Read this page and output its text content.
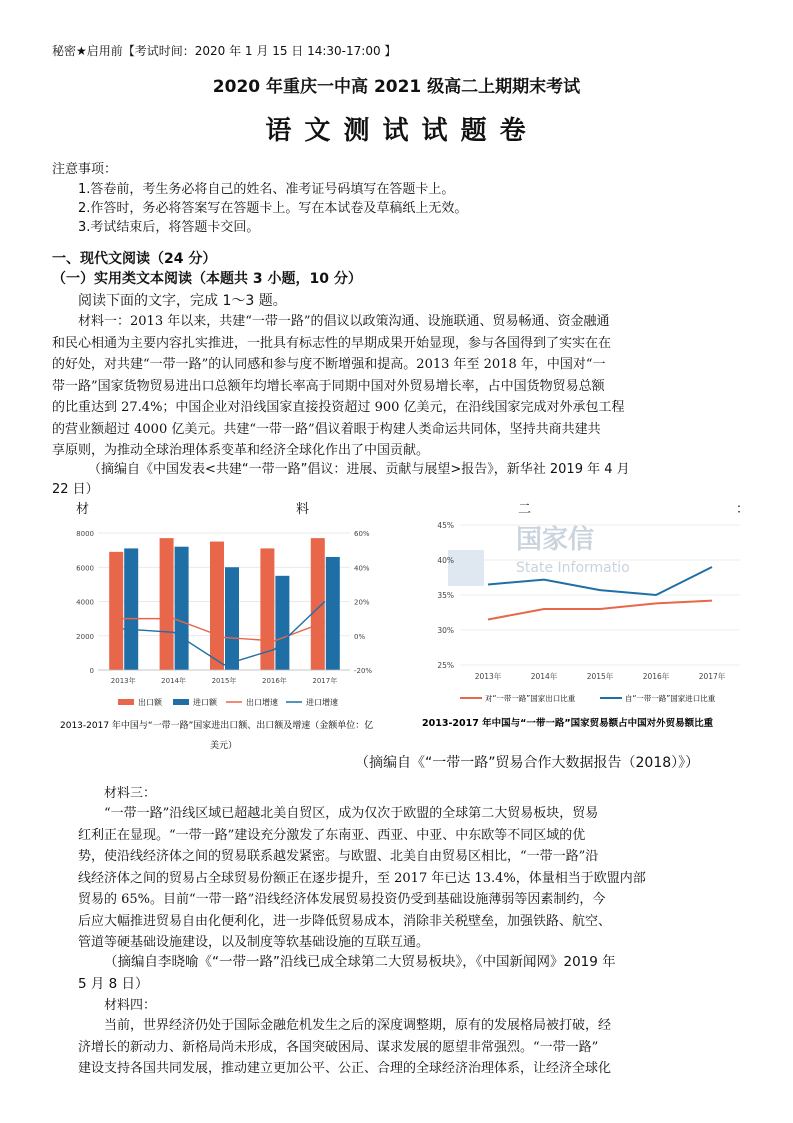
秘密★启用前【考试时间：2020 年 1 月 15 日 14:30-17:00 】
2020 年重庆一中高 2021 级高二上期期末考试
语 文 测 试 试 题 卷
注意事项：
1.答卷前，考生务必将自己的姓名、准考证号码填写在答题卡上。
2.作答时，务必将答案写在答题卡上。写在本试卷及草稿纸上无效。
3.考试结束后，将答题卡交回。
一、现代文阅读（24 分）
（一）实用类文本阅读（本题共 3 小题，10 分）
阅读下面的文字，完成 1～3 题。
材料一：2013 年以来，共建“一带一路”的倡议以政策沟通、设施联通、贸易畅通、资金融通
和民心相通为主要内容扎实推进，一批具有标志性的早期成果开始显现，参与各国得到了实实在在
的好处，对共建“一带一路”的认同感和参与度不断增强和提高。2013 年至 2018 年，中国对“一
带一路”国家货物贸易进出口总额年均增长率高于同期中国对外贸易增长率，占中国货物贸易总额
的比重达到 27.4%；中国企业对沿线国家直接投资超过 900 亿美元，在沿线国家完成对外承包工程
的营业额超过 4000 亿美元。共建“一带一路”倡议着眼于构建人类命运共同体，坚持共商共建共
享原则，为推动全球治理体系变革和经济全球化作出了中国贡献。
（摘编自《中国发表<共建“一带一路”倡议：进展、贡献与展望>报告》，新华社 2019 年 4 月
22 日）
材	料	二	：
0
2000
4000
6000
8000
-20%
0%
20%
40%
60%
2013年	2014年	2015年	2016年	2017年
出口额	进口额	出口增速	进口增速
2013-2017 年中国与“一带一路”国家进出口额、出口额及增速（金额单位：亿
美元）
国家信
State Informatio
25%
30%
35%
40%
45%
2013年	2014年	2015年	2016年	2017年
对“一带一路”国家出口比重	自“一带一路”国家进口比重
2013-2017 年中国与“一带一路”国家贸易额占中国对外贸易额比重
（摘编自《“一带一路”贸易合作大数据报告（2018）》）
材料三：
“一带一路”沿线区域已超越北美自贸区，成为仅次于欧盟的全球第二大贸易板块，贸易
红利正在显现。“一带一路”建设充分激发了东南亚、西亚、中亚、中东欧等不同区域的优
势，使沿线经济体之间的贸易联系越发紧密。与欧盟、北美自由贸易区相比，“一带一路”沿
线经济体之间的贸易占全球贸易份额正在逐步提升，至 2017 年已达 13.4%，体量相当于欧盟内部
贸易的 65%。目前“一带一路”沿线经济体发展贸易投资仍受到基础设施薄弱等因素制约，今
后应大幅推进贸易自由化便利化，进一步降低贸易成本，消除非关税壁垒，加强铁路、航空、
管道等硬基础设施建设，以及制度等软基础设施的互联互通。
（摘编自李晓喻《“一带一路”沿线已成全球第二大贸易板块》，《中国新闻网》2019 年
5 月 8 日）
材料四：
当前，世界经济仍处于国际金融危机发生之后的深度调整期，原有的发展格局被打破，经
济增长的新动力、新格局尚未形成，各国突破困局、谋求发展的愿望非常强烈。“一带一路”
建设支持各国共同发展，推动建立更加公平、公正、合理的全球经济治理体系，让经济全球化
